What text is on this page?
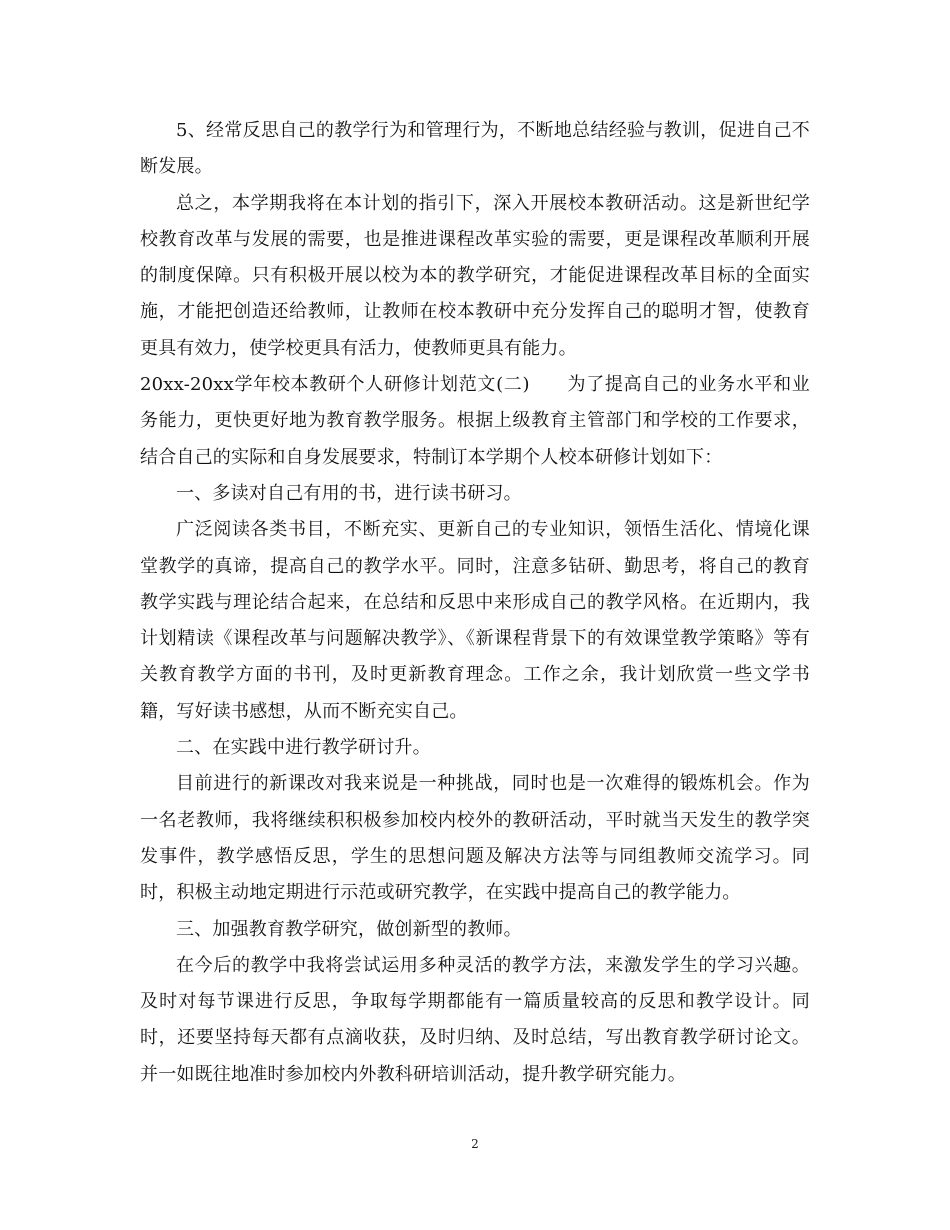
5、经常反思自己的教学行为和管理行为，不断地总结经验与教训，促进自己不断发展。

总之，本学期我将在本计划的指引下，深入开展校本教研活动。这是新世纪学校教育改革与发展的需要，也是推进课程改革实验的需要，更是课程改革顺利开展的制度保障。只有积极开展以校为本的教学研究，才能促进课程改革目标的全面实施，才能把创造还给教师，让教师在校本教研中充分发挥自己的聪明才智，使教育更具有效力，使学校更具有活力，使教师更具有能力。

20xx-20xx学年校本教研个人研修计划范文(二)　　为了提高自己的业务水平和业务能力，更快更好地为教育教学服务。根据上级教育主管部门和学校的工作要求，结合自己的实际和自身发展要求，特制订本学期个人校本研修计划如下：

一、多读对自己有用的书，进行读书研习。

广泛阅读各类书目，不断充实、更新自己的专业知识，领悟生活化、情境化课堂教学的真谛，提高自己的教学水平。同时，注意多钻研、勤思考，将自己的教育教学实践与理论结合起来，在总结和反思中来形成自己的教学风格。在近期内，我计划精读《课程改革与问题解决教学》、《新课程背景下的有效课堂教学策略》等有关教育教学方面的书刊，及时更新教育理念。工作之余，我计划欣赏一些文学书籍，写好读书感想，从而不断充实自己。

二、在实践中进行教学研讨升。

目前进行的新课改对我来说是一种挑战，同时也是一次难得的锻炼机会。作为一名老教师，我将继续积积极参加校内校外的教研活动，平时就当天发生的教学突发事件，教学感悟反思，学生的思想问题及解决方法等与同组教师交流学习。同时，积极主动地定期进行示范或研究教学，在实践中提高自己的教学能力。

三、加强教育教学研究，做创新型的教师。

在今后的教学中我将尝试运用多种灵活的教学方法，来激发学生的学习兴趣。及时对每节课进行反思，争取每学期都能有一篇质量较高的反思和教学设计。同时，还要坚持每天都有点滴收获，及时归纳、及时总结，写出教育教学研讨论文。并一如既往地准时参加校内外教科研培训活动，提升教学研究能力。

2
